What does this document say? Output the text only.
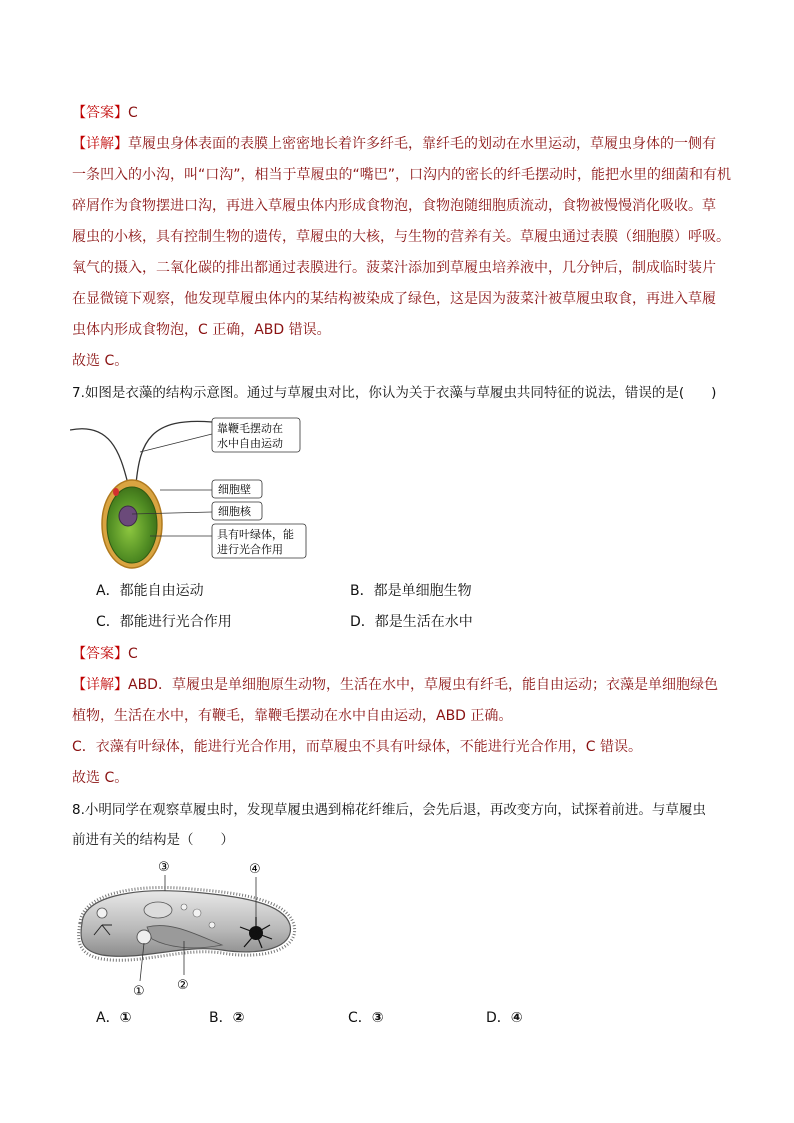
【答案】C
【详解】草履虫身体表面的表膜上密密地长着许多纤毛，靠纤毛的划动在水里运动，草履虫身体的一侧有
一条凹入的小沟，叫“口沟”，相当于草履虫的“嘴巴”，口沟内的密长的纤毛摆动时，能把水里的细菌和有机
碎屑作为食物摆进口沟，再进入草履虫体内形成食物泡，食物泡随细胞质流动，食物被慢慢消化吸收。草
履虫的小核，具有控制生物的遗传，草履虫的大核，与生物的营养有关。草履虫通过表膜（细胞膜）呼吸。
氧气的摄入，二氧化碳的排出都通过表膜进行。菠菜汁添加到草履虫培养液中，几分钟后，制成临时装片
在显微镜下观察，他发现草履虫体内的某结构被染成了绿色，这是因为菠菜汁被草履虫取食，再进入草履
虫体内形成食物泡，C 正确，ABD 错误。
故选 C。
7.如图是衣藻的结构示意图。通过与草履虫对比，你认为关于衣藻与草履虫共同特征的说法，错误的是(　　)
靠鞭毛摆动在
水中自由运动
细胞壁
细胞核
具有叶绿体，能
进行光合作用
A．都能自由运动	B．都是单细胞生物
C．都能进行光合作用	D．都是生活在水中
【答案】C
【详解】ABD．草履虫是单细胞原生动物，生活在水中，草履虫有纤毛，能自由运动；衣藻是单细胞绿色
植物，生活在水中，有鞭毛，靠鞭毛摆动在水中自由运动，ABD 正确。
C．衣藻有叶绿体，能进行光合作用，而草履虫不具有叶绿体，不能进行光合作用，C 错误。
故选 C。
8.小明同学在观察草履虫时，发现草履虫遇到棉花纤维后，会先后退，再改变方向，试探着前进。与草履虫
前进有关的结构是（　　）
③	④
① ②
A．①	B．②	C．③	D．④
